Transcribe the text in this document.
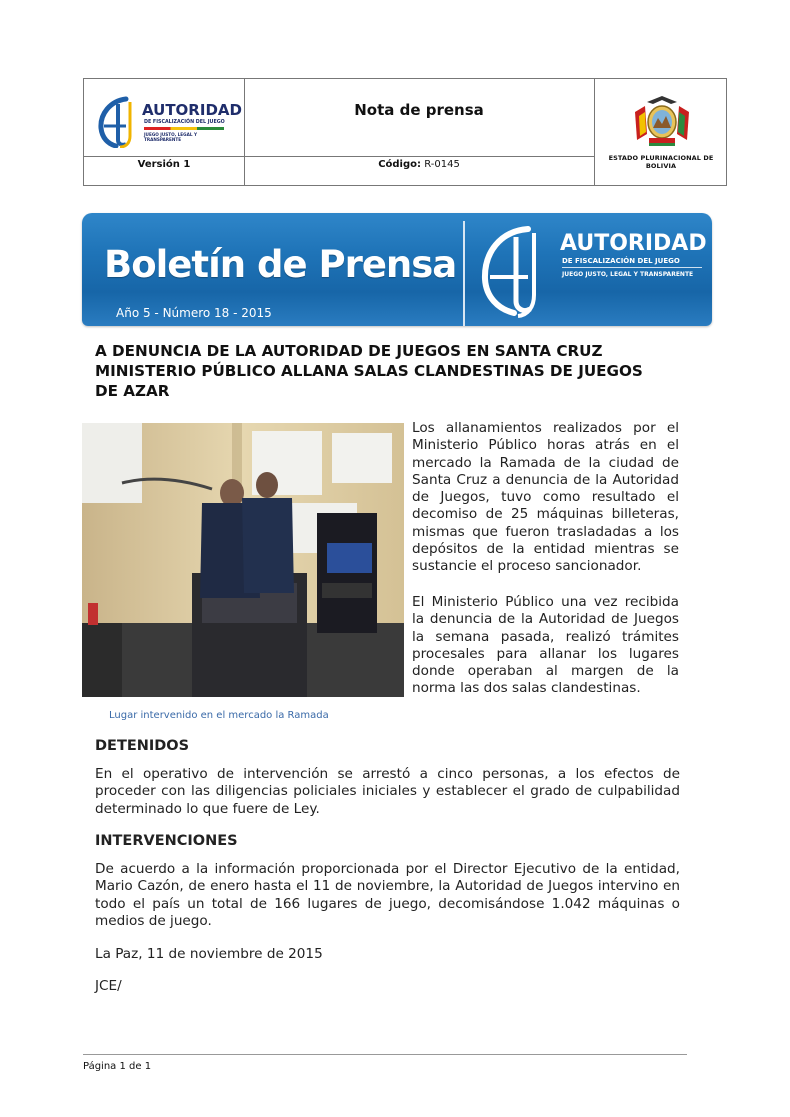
AUTORIDAD
DE FISCALIZACIÓN DEL JUEGO
JUEGO JUSTO, LEGAL Y TRANSPARENTE
Nota de prensa
Versión 1	Código: R-0145
ESTADO PLURINACIONAL DE BOLIVIA
Boletín de Prensa
Año 5 - Número 18 - 2015
AUTORIDAD
DE FISCALIZACIÓN DEL JUEGO
JUEGO JUSTO, LEGAL Y TRANSPARENTE
A DENUNCIA DE LA AUTORIDAD DE JUEGOS EN SANTA CRUZ MINISTERIO PÚBLICO ALLANA SALAS CLANDESTINAS DE JUEGOS DE AZAR
Lugar intervenido en el mercado la Ramada

Los allanamientos realizados por el Ministerio Público horas atrás en el mercado la Ramada de la ciudad de Santa Cruz a denuncia de la Autoridad de Juegos, tuvo como resultado el decomiso de 25 máquinas billeteras, mismas que fueron trasladadas a los depósitos de la entidad mientras se sustancie el proceso sancionador.

El Ministerio Público una vez recibida la denuncia de la Autoridad de Juegos la semana pasada, realizó trámites procesales para allanar los lugares donde operaban al margen de la norma las dos salas clandestinas.

DETENIDOS
En el operativo de intervención se arrestó a cinco personas, a los efectos de proceder con las diligencias policiales iniciales y establecer el grado de culpabilidad determinado lo que fuere de Ley.
INTERVENCIONES
De acuerdo a la información proporcionada por el Director Ejecutivo de la entidad, Mario Cazón, de enero hasta el 11 de noviembre, la Autoridad de Juegos intervino en todo el país un total de 166 lugares de juego, decomisándose 1.042 máquinas o medios de juego.
La Paz, 11 de noviembre de 2015
JCE/
Página 1 de 1
